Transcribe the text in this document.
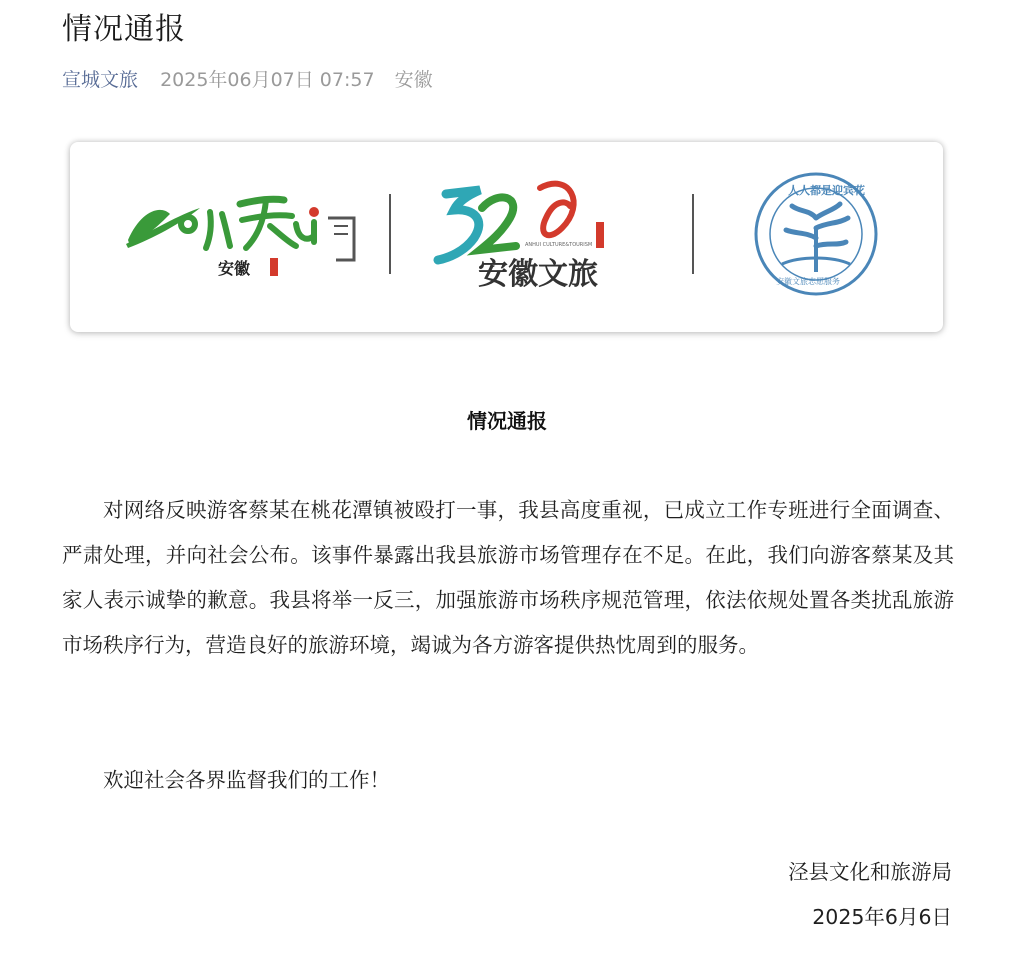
情况通报
宣城文旅 2025年06月07日 07:57 安徽
安徽
ANHUI CULTURE&TOURISM
安徽文旅
人人都是迎宾花
安徽文旅志愿服务
情况通报
对网络反映游客蔡某在桃花潭镇被殴打一事，我县高度重视，已成立工作专班进行全面调查、严肃处理，并向社会公布。该事件暴露出我县旅游市场管理存在不足。在此，我们向游客蔡某及其家人表示诚挚的歉意。我县将举一反三，加强旅游市场秩序规范管理，依法依规处置各类扰乱旅游市场秩序行为，营造良好的旅游环境，竭诚为各方游客提供热忱周到的服务。
欢迎社会各界监督我们的工作！
泾县文化和旅游局
2025年6月6日
